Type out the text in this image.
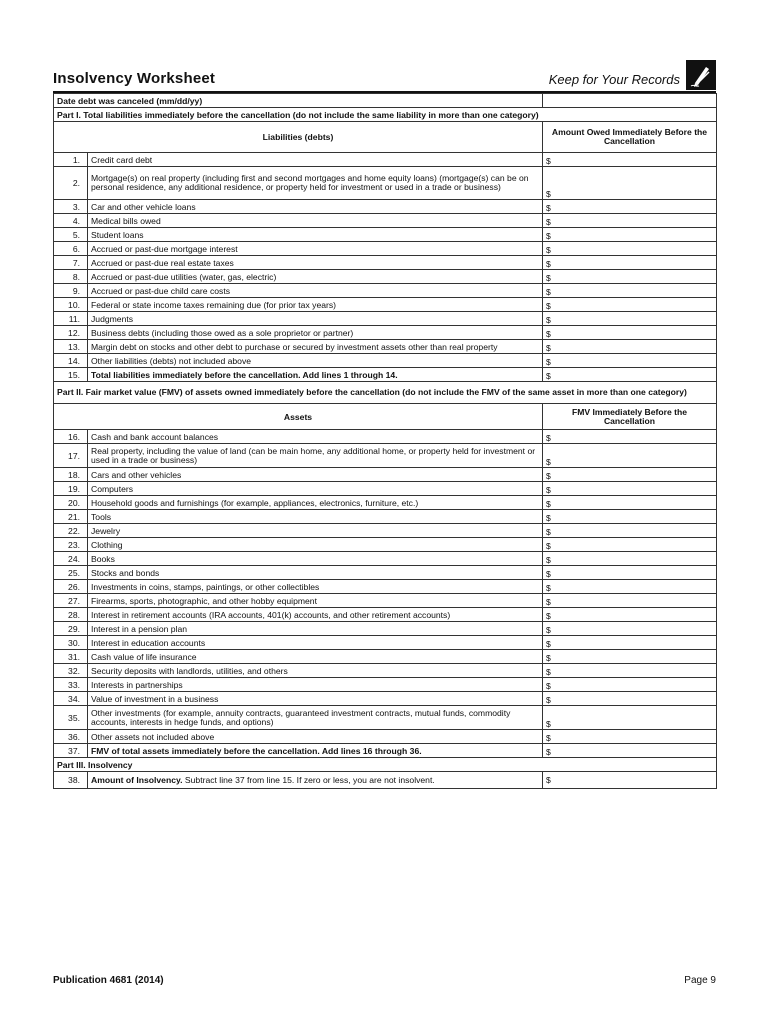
Insolvency Worksheet	Keep for Your Records
Date debt was canceled (mm/dd/yy)		
Part I. Total liabilities immediately before the cancellation (do not include the same liability in more than one category)		
Liabilities (debts)		Amount Owed Immediately Before the Cancellation
1.	Credit card debt	$
2.	Mortgage(s) on real property (including first and second mortgages and home equity loans) (mortgage(s) can be on personal residence, any additional residence, or property held for investment or used in a trade or business)	$
3.	Car and other vehicle loans	$
4.	Medical bills owed	$
5.	Student loans	$
6.	Accrued or past-due mortgage interest	$
7.	Accrued or past-due real estate taxes	$
8.	Accrued or past-due utilities (water, gas, electric)	$
9.	Accrued or past-due child care costs	$
10.	Federal or state income taxes remaining due (for prior tax years)	$
11.	Judgments	$
12.	Business debts (including those owed as a sole proprietor or partner)	$
13.	Margin debt on stocks and other debt to purchase or secured by investment assets other than real property	$
14.	Other liabilities (debts) not included above	$
15.	Total liabilities immediately before the cancellation. Add lines 1 through 14.	$
Part II. Fair market value (FMV) of assets owned immediately before the cancellation (do not include the FMV of the same asset in more than one category)		
Assets		FMV Immediately Before the Cancellation
16.	Cash and bank account balances	$
17.	Real property, including the value of land (can be main home, any additional home, or property held for investment or used in a trade or business)	$
18.	Cars and other vehicles	$
19.	Computers	$
20.	Household goods and furnishings (for example, appliances, electronics, furniture, etc.)	$
21.	Tools	$
22.	Jewelry	$
23.	Clothing	$
24.	Books	$
25.	Stocks and bonds	$
26.	Investments in coins, stamps, paintings, or other collectibles	$
27.	Firearms, sports, photographic, and other hobby equipment	$
28.	Interest in retirement accounts (IRA accounts, 401(k) accounts, and other retirement accounts)	$
29.	Interest in a pension plan	$
30.	Interest in education accounts	$
31.	Cash value of life insurance	$
32.	Security deposits with landlords, utilities, and others	$
33.	Interests in partnerships	$
34.	Value of investment in a business	$
35.	Other investments (for example, annuity contracts, guaranteed investment contracts, mutual funds, commodity accounts, interests in hedge funds, and options)	$
36.	Other assets not included above	$
37.	FMV of total assets immediately before the cancellation. Add lines 16 through 36.	$
Part III. Insolvency		
38.	Amount of Insolvency. Subtract line 37 from line 15. If zero or less, you are not insolvent.	$
Publication 4681 (2014)	Page 9
